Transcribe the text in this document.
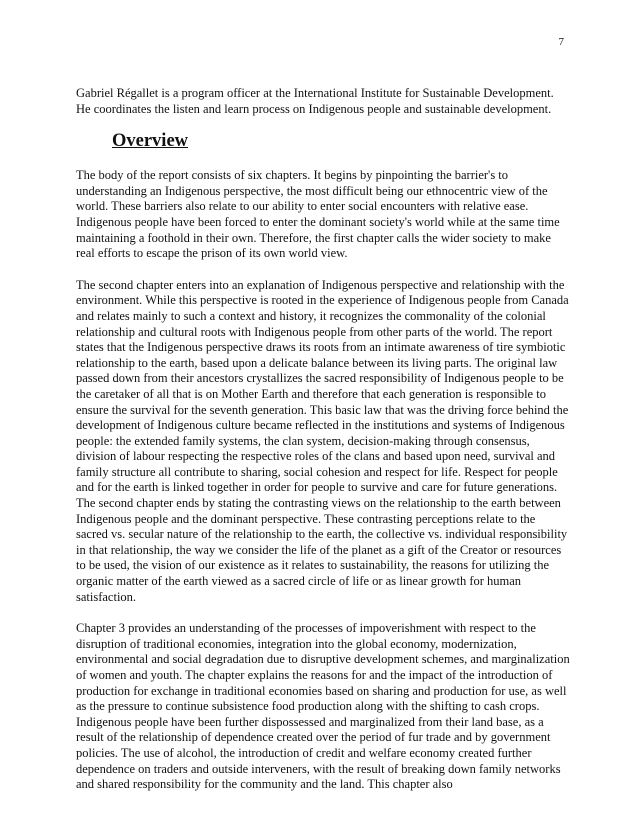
7

Gabriel Régallet is a program officer at the International Institute for Sustainable Development. He coordinates the listen and learn process on Indigenous people and sustainable development.

Overview

The body of the report consists of six chapters. It begins by pinpointing the barrier's to understanding an Indigenous perspective, the most difficult being our ethnocentric view of the world. These barriers also relate to our ability to enter social encounters with relative ease. Indigenous people have been forced to enter the dominant society's world while at the same time maintaining a foothold in their own. Therefore, the first chapter calls the wider society to make real efforts to escape the prison of its own world view.

The second chapter enters into an explanation of Indigenous perspective and relationship with the environment. While this perspective is rooted in the experience of Indigenous people from Canada and relates mainly to such a context and history, it recognizes the commonality of the colonial relationship and cultural roots with Indigenous people from other parts of the world. The report states that the Indigenous perspective draws its roots from an intimate awareness of tire symbiotic relationship to the earth, based upon a delicate balance between its living parts. The original law passed down from their ancestors crystallizes the sacred responsibility of Indigenous people to be the caretaker of all that is on Mother Earth and therefore that each generation is responsible to ensure the survival for the seventh generation. This basic law that was the driving force behind the development of Indigenous culture became reflected in the institutions and systems of Indigenous people: the extended family systems, the clan system, decision-making through consensus, division of labour respecting the respective roles of the clans and based upon need, survival and family structure all contribute to sharing, social cohesion and respect for life. Respect for people and for the earth is linked together in order for people to survive and care for future generations. The second chapter ends by stating the contrasting views on the relationship to the earth between Indigenous people and the dominant perspective. These contrasting perceptions relate to the sacred vs. secular nature of the relationship to the earth, the collective vs. individual responsibility in that relationship, the way we consider the life of the planet as a gift of the Creator or resources to be used, the vision of our existence as it relates to sustainability, the reasons for utilizing the organic matter of the earth viewed as a sacred circle of life or as linear growth for human satisfaction.

Chapter 3 provides an understanding of the processes of impoverishment with respect to the disruption of traditional economies, integration into the global economy, modernization, environmental and social degradation due to disruptive development schemes, and marginalization of women and youth. The chapter explains the reasons for and the impact of the introduction of production for exchange in traditional economies based on sharing and production for use, as well as the pressure to continue subsistence food production along with the shifting to cash crops. Indigenous people have been further dispossessed and marginalized from their land base, as a result of the relationship of dependence created over the period of fur trade and by government policies. The use of alcohol, the introduction of credit and welfare economy created further dependence on traders and outside interveners, with the result of breaking down family networks and shared responsibility for the community and the land. This chapter also
